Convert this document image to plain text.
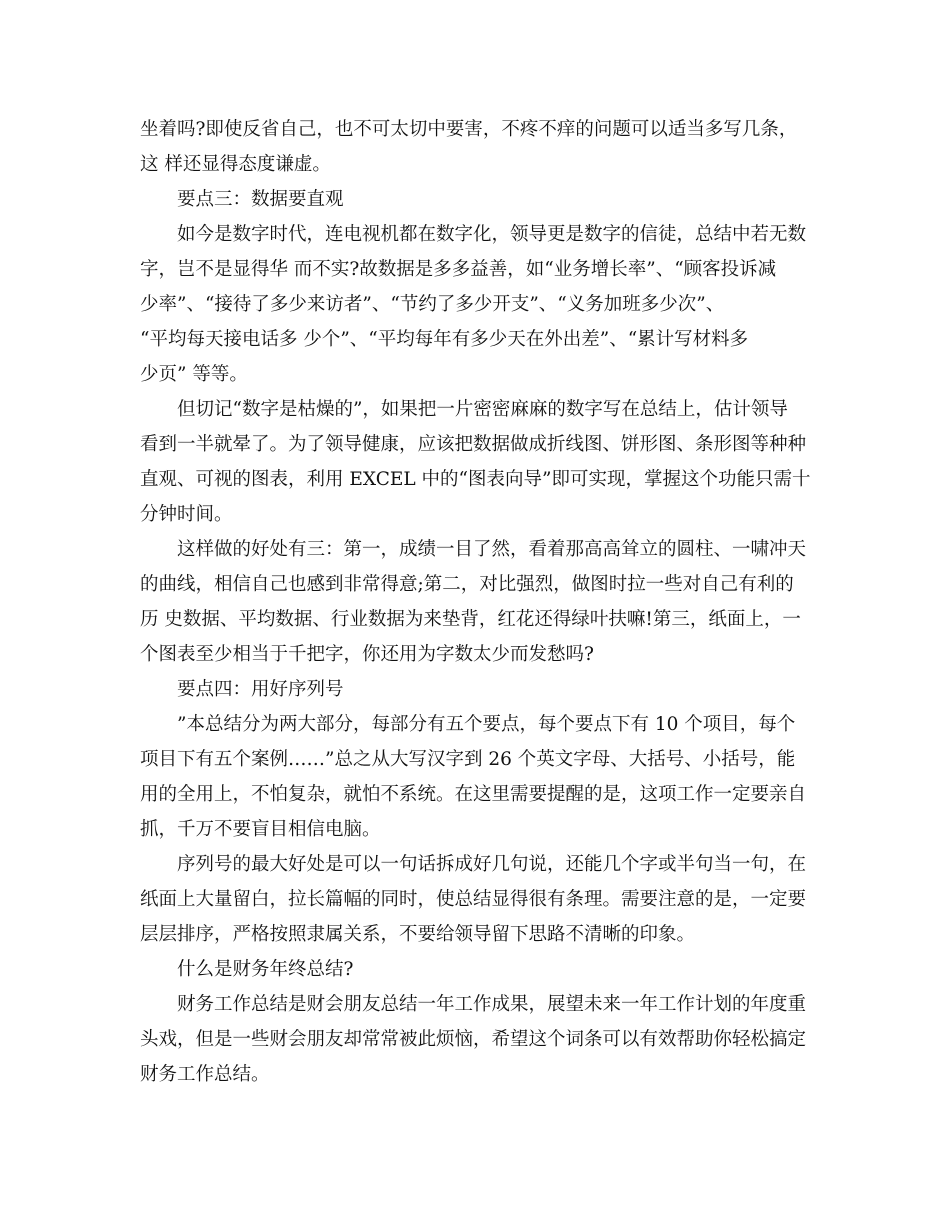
坐着吗?即使反省自己，也不可太切中要害，不疼不痒的问题可以适当多写几条，
这 样还显得态度谦虚。
　　要点三：数据要直观
　　如今是数字时代，连电视机都在数字化，领导更是数字的信徒，总结中若无数
字，岂不是显得华 而不实?故数据是多多益善，如“业务增长率”、“顾客投诉减
少率”、“接待了多少来访者”、“节约了多少开支”、“义务加班多少次”、
“平均每天接电话多 少个”、“平均每年有多少天在外出差”、“累计写材料多
少页” 等等。
　　但切记“数字是枯燥的”，如果把一片密密麻麻的数字写在总结上，估计领导
看到一半就晕了。为了领导健康，应该把数据做成折线图、饼形图、条形图等种种
直观、可视的图表，利用 EXCEL 中的“图表向导”即可实现，掌握这个功能只需十
分钟时间。
　　这样做的好处有三：第一，成绩一目了然，看着那高高耸立的圆柱、一啸冲天
的曲线，相信自己也感到非常得意;第二，对比强烈，做图时拉一些对自己有利的
历 史数据、平均数据、行业数据为来垫背，红花还得绿叶扶嘛!第三，纸面上，一
个图表至少相当于千把字，你还用为字数太少而发愁吗?
　　要点四：用好序列号
　　”本总结分为两大部分，每部分有五个要点，每个要点下有 10 个项目，每个
项目下有五个案例……”总之从大写汉字到 26 个英文字母、大括号、小括号，能
用的全用上，不怕复杂，就怕不系统。在这里需要提醒的是，这项工作一定要亲自
抓，千万不要盲目相信电脑。
　　序列号的最大好处是可以一句话拆成好几句说，还能几个字或半句当一句，在
纸面上大量留白，拉长篇幅的同时，使总结显得很有条理。需要注意的是，一定要
层层排序，严格按照隶属关系，不要给领导留下思路不清晰的印象。
　　什么是财务年终总结?
　　财务工作总结是财会朋友总结一年工作成果，展望未来一年工作计划的年度重
头戏，但是一些财会朋友却常常被此烦恼，希望这个词条可以有效帮助你轻松搞定
财务工作总结。
